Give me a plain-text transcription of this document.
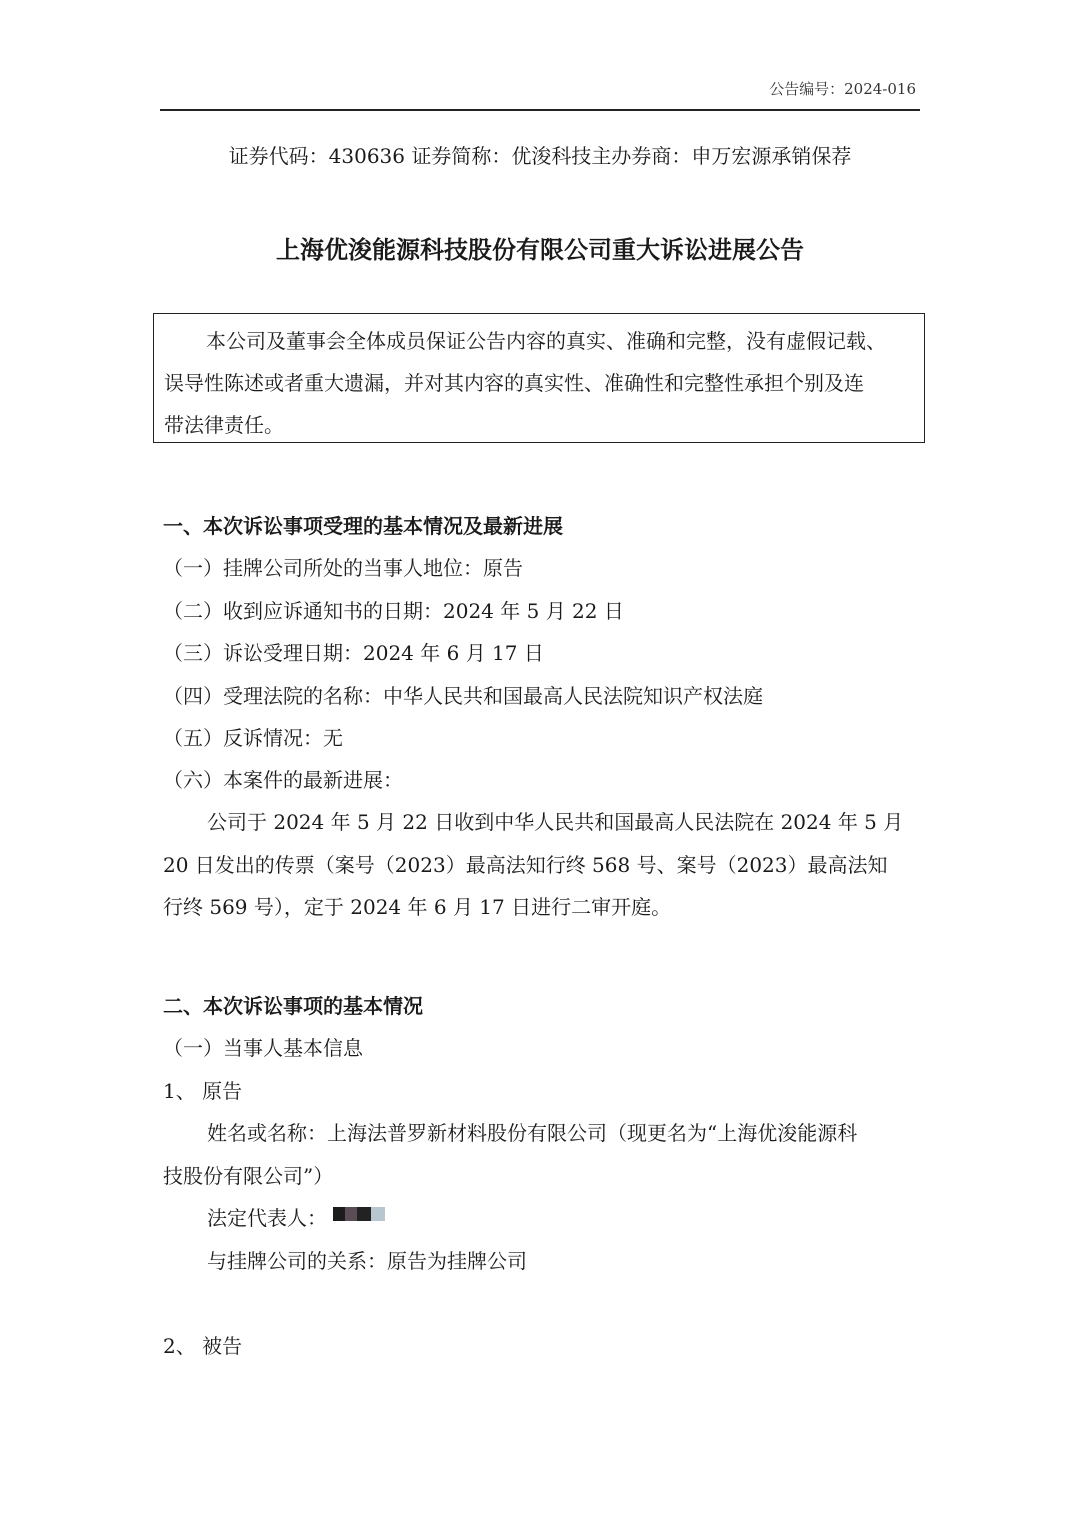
公告编号：2024-016
证券代码：430636 证券简称：优浚科技主办券商：申万宏源承销保荐
上海优浚能源科技股份有限公司重大诉讼进展公告
本公司及董事会全体成员保证公告内容的真实、准确和完整，没有虚假记载、
误导性陈述或者重大遗漏，并对其内容的真实性、准确性和完整性承担个别及连
带法律责任。
一、本次诉讼事项受理的基本情况及最新进展
（一）挂牌公司所处的当事人地位：原告
（二）收到应诉通知书的日期：2024 年 5 月 22 日
（三）诉讼受理日期：2024 年 6 月 17 日
（四）受理法院的名称：中华人民共和国最高人民法院知识产权法庭
（五）反诉情况：无
（六）本案件的最新进展：
公司于 2024 年 5 月 22 日收到中华人民共和国最高人民法院在 2024 年 5 月
20 日发出的传票（案号（2023）最高法知行终 568 号、案号（2023）最高法知
行终 569 号），定于 2024 年 6 月 17 日进行二审开庭。
二、本次诉讼事项的基本情况
（一）当事人基本信息
1、 原告
姓名或名称：上海法普罗新材料股份有限公司（现更名为“上海优浚能源科
技股份有限公司”）
法定代表人：
与挂牌公司的关系：原告为挂牌公司
2、 被告
